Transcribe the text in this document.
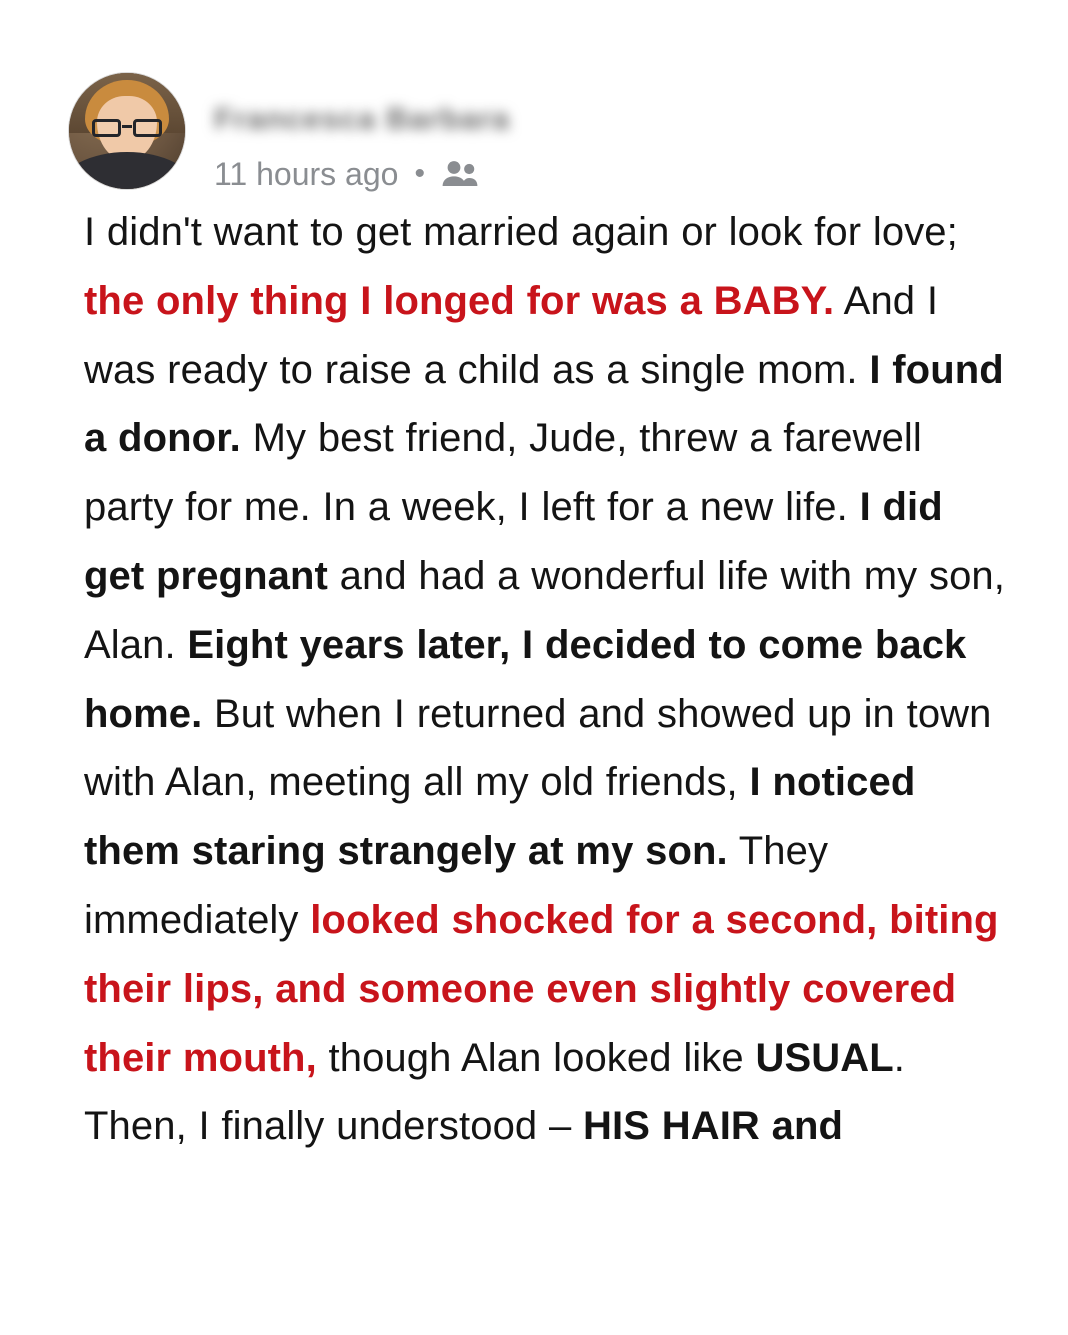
Francesca Barbara
11 hours ago •
I didn't want to get married again or look for love; the only thing I longed for was a BABY. And I was ready to raise a child as a single mom. I found a donor. My best friend, Jude, threw a farewell party for me. In a week, I left for a new life. I did get pregnant and had a wonderful life with my son, Alan. Eight years later, I decided to come back home. But when I returned and showed up in town with Alan, meeting all my old friends, I noticed them staring strangely at my son. They immediately looked shocked for a second, biting their lips, and someone even slightly covered their mouth, though Alan looked like USUAL. Then, I finally understood – HIS HAIR and
